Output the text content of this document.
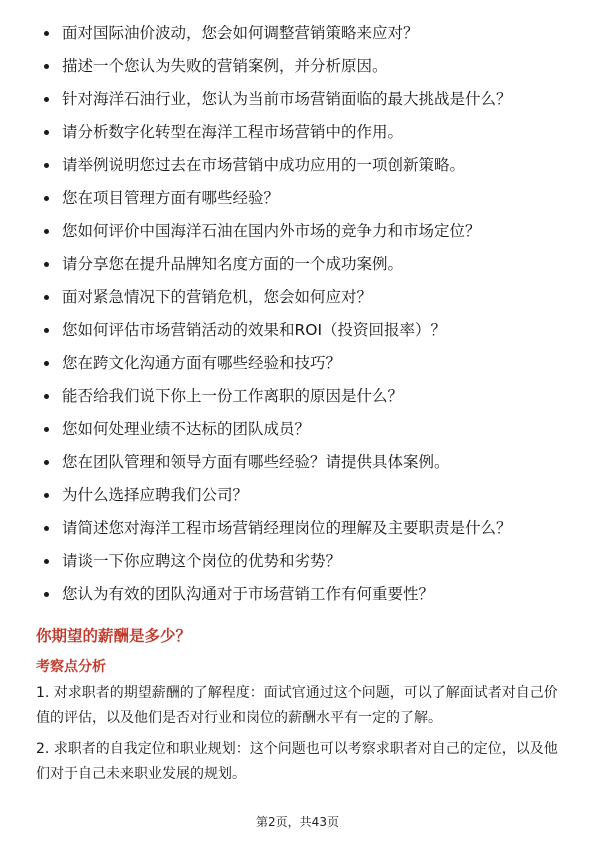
面对国际油价波动，您会如何调整营销策略来应对？
描述一个您认为失败的营销案例，并分析原因。
针对海洋石油行业，您认为当前市场营销面临的最大挑战是什么？
请分析数字化转型在海洋工程市场营销中的作用。
请举例说明您过去在市场营销中成功应用的一项创新策略。
您在项目管理方面有哪些经验？
您如何评价中国海洋石油在国内外市场的竞争力和市场定位？
请分享您在提升品牌知名度方面的一个成功案例。
面对紧急情况下的营销危机，您会如何应对？
您如何评估市场营销活动的效果和ROI（投资回报率）？
您在跨文化沟通方面有哪些经验和技巧？
能否给我们说下你上一份工作离职的原因是什么？
您如何处理业绩不达标的团队成员？
您在团队管理和领导方面有哪些经验？请提供具体案例。
为什么选择应聘我们公司？
请简述您对海洋工程市场营销经理岗位的理解及主要职责是什么？
请谈一下你应聘这个岗位的优势和劣势？
您认为有效的团队沟通对于市场营销工作有何重要性？
你期望的薪酬是多少？
考察点分析

1. 对求职者的期望薪酬的了解程度：面试官通过这个问题，可以了解面试者对自己价值的评估，以及他们是否对行业和岗位的薪酬水平有一定的了解。

2. 求职者的自我定位和职业规划：这个问题也可以考察求职者对自己的定位，以及他们对于自己未来职业发展的规划。

第2页，共43页
